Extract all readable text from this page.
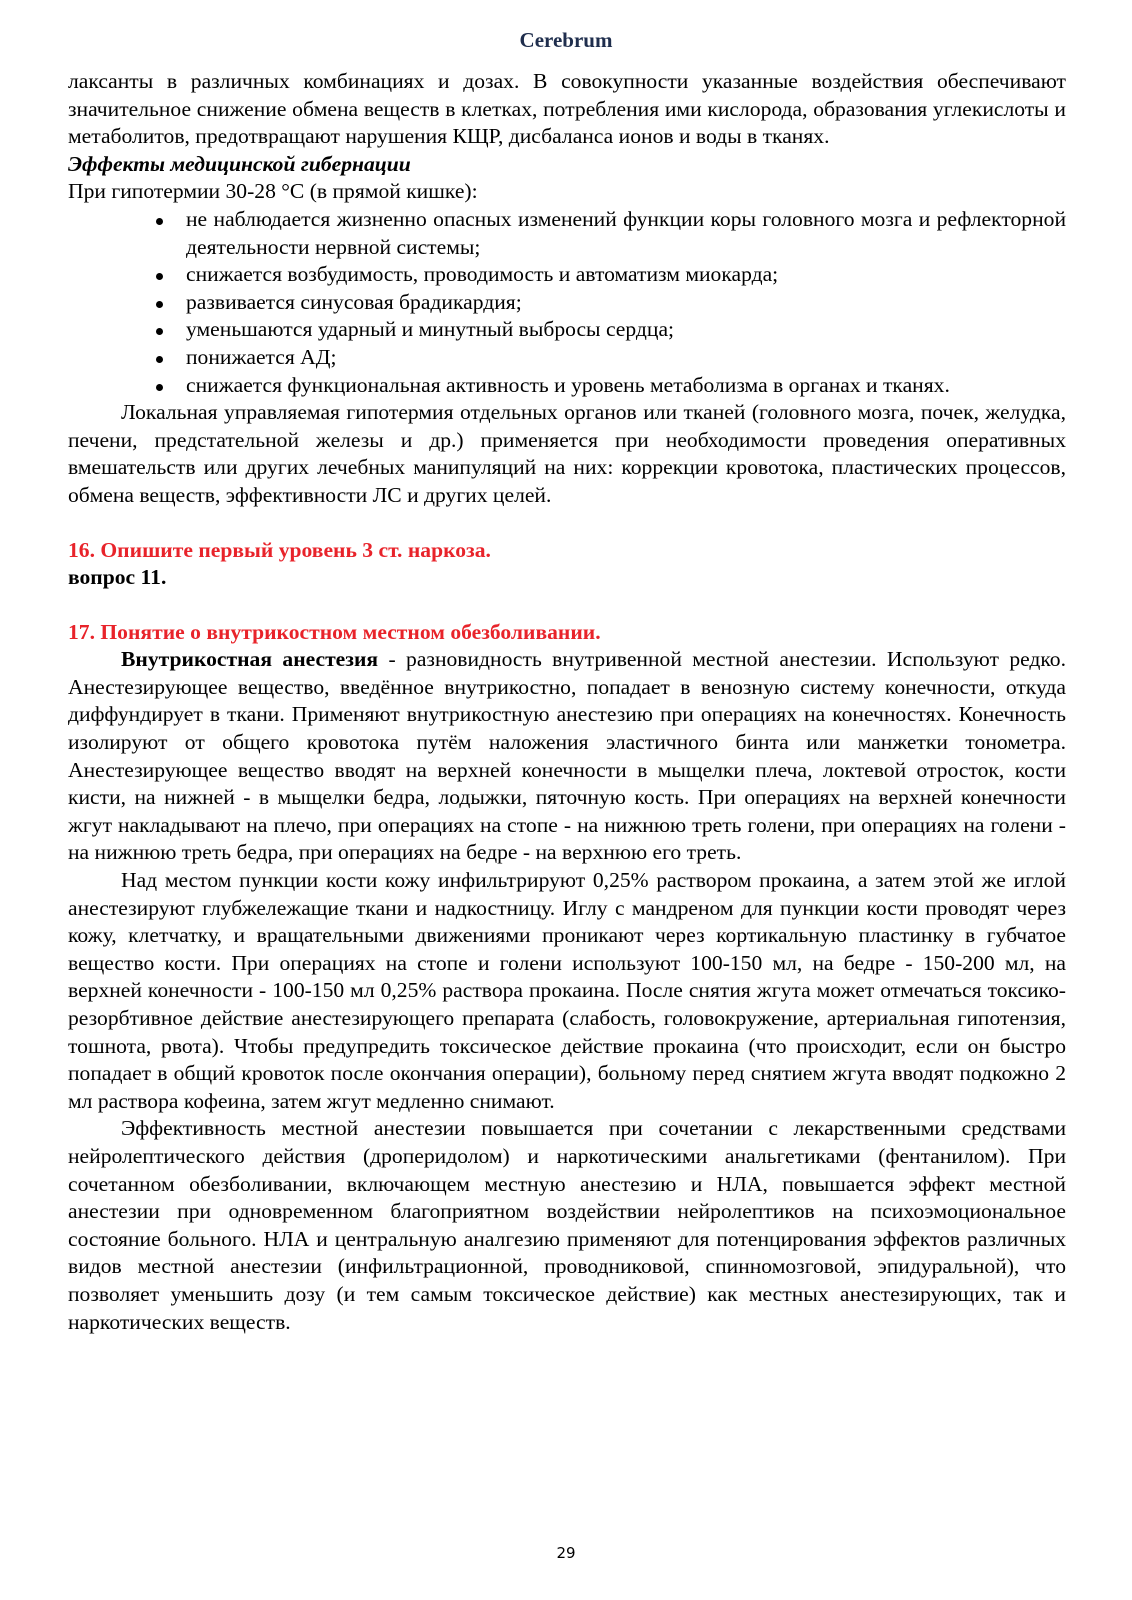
Cerebrum

лаксанты в различных комбинациях и дозах. В совокупности указанные воздействия обеспечивают значительное снижение обмена веществ в клетках, потребления ими кислорода, образования углекислоты и метаболитов, предотвращают нарушения КЩР, дисбаланса ионов и воды в тканях.

Эффекты медицинской гибернации

При гипотермии 30-28 °С (в прямой кишке):

не наблюдается жизненно опасных изменений функции коры головного мозга и рефлекторной деятельности нервной системы;
снижается возбудимость, проводимость и автоматизм миокарда;
развивается синусовая брадикардия;
уменьшаются ударный и минутный выбросы сердца;
понижается АД;
снижается функциональная активность и уровень метаболизма в органах и тканях.

Локальная управляемая гипотермия отдельных органов или тканей (головного мозга, почек, желудка, печени, предстательной железы и др.) применяется при необходимости проведения оперативных вмешательств или других лечебных манипуляций на них: коррекции кровотока, пластических процессов, обмена веществ, эффективности ЛС и других целей.

16. Опишите первый уровень 3 ст. наркоза.

вопрос 11.

17. Понятие о внутрикостном местном обезболивании.

Внутрикостная анестезия - разновидность внутривенной местной анестезии. Используют редко. Анестезирующее вещество, введённое внутрикостно, попадает в венозную систему конечности, откуда диффундирует в ткани. Применяют внутрикостную анестезию при операциях на конечностях. Конечность изолируют от общего кровотока путём наложения эластичного бинта или манжетки тонометра. Анестезирующее вещество вводят на верхней конечности в мыщелки плеча, локтевой отросток, кости кисти, на нижней - в мыщелки бедра, лодыжки, пяточную кость. При операциях на верхней конечности жгут накладывают на плечо, при операциях на стопе - на нижнюю треть голени, при операциях на голени - на нижнюю треть бедра, при операциях на бедре - на верхнюю его треть.

Над местом пункции кости кожу инфильтрируют 0,25% раствором прокаина, а затем этой же иглой анестезируют глубжележащие ткани и надкостницу. Иглу с мандреном для пункции кости проводят через кожу, клетчатку, и вращательными движениями проникают через кортикальную пластинку в губчатое вещество кости. При операциях на стопе и голени используют 100-150 мл, на бедре - 150-200 мл, на верхней конечности - 100-150 мл 0,25% раствора прокаина. После снятия жгута может отмечаться токсико-резорбтивное действие анестезирующего препарата (слабость, головокружение, артериальная гипотензия, тошнота, рвота). Чтобы предупредить токсическое действие прокаина (что происходит, если он быстро попадает в общий кровоток после окончания операции), больному перед снятием жгута вводят подкожно 2 мл раствора кофеина, затем жгут медленно снимают.

Эффективность местной анестезии повышается при сочетании с лекарственными средствами нейролептического действия (дроперидолом) и наркотическими анальгетиками (фентанилом). При сочетанном обезболивании, включающем местную анестезию и НЛА, повышается эффект местной анестезии при одновременном благоприятном воздействии нейролептиков на психоэмоциональное состояние больного. НЛА и центральную аналгезию применяют для потенцирования эффектов различных видов местной анестезии (инфильтрационной, проводниковой, спинномозговой, эпидуральной), что позволяет уменьшить дозу (и тем самым токсическое действие) как местных анестезирующих, так и наркотических веществ.

29
